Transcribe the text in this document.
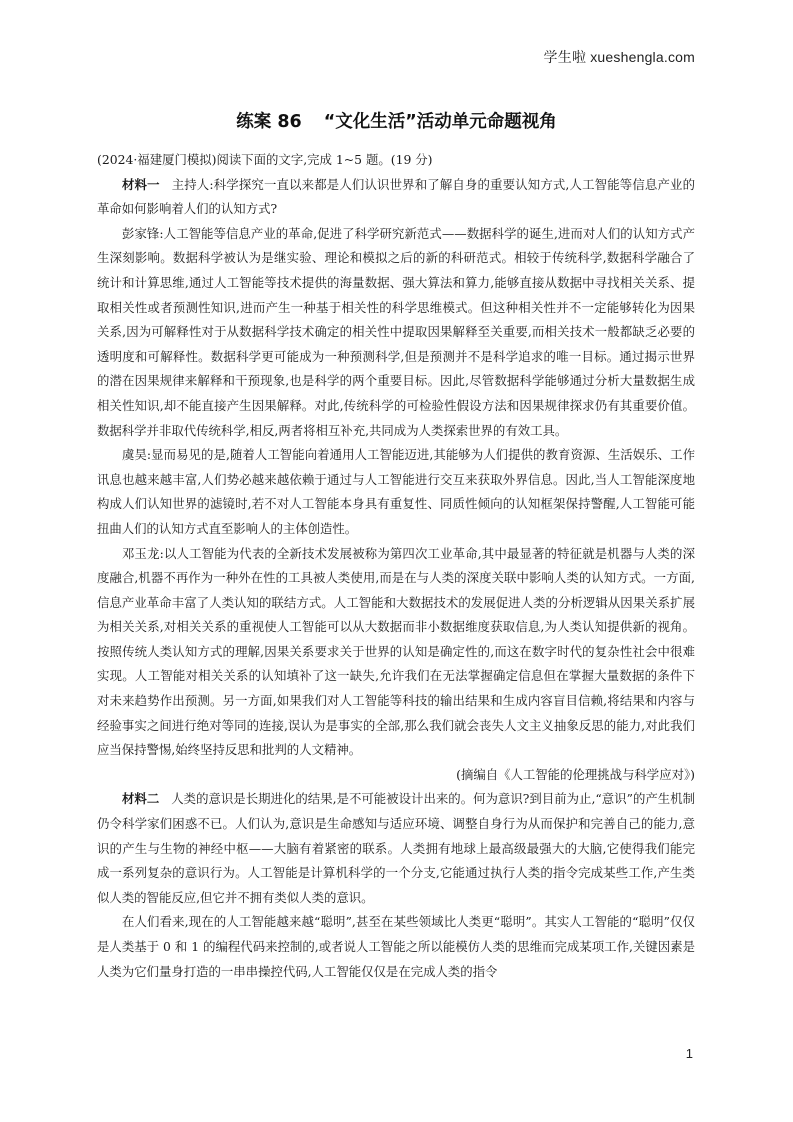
学生啦 xueshengla.com
练案 86 “文化生活”活动单元命题视角

(2024·福建厦门模拟)阅读下面的文字,完成 1~5 题。(19 分)

材料一 主持人:科学探究一直以来都是人们认识世界和了解自身的重要认知方式,人工智能等信息产业的革命如何影响着人们的认知方式?

彭家锋:人工智能等信息产业的革命,促进了科学研究新范式——数据科学的诞生,进而对人们的认知方式产生深刻影响。数据科学被认为是继实验、理论和模拟之后的新的科研范式。相较于传统科学,数据科学融合了统计和计算思维,通过人工智能等技术提供的海量数据、强大算法和算力,能够直接从数据中寻找相关关系、提取相关性或者预测性知识,进而产生一种基于相关性的科学思维模式。但这种相关性并不一定能够转化为因果关系,因为可解释性对于从数据科学技术确定的相关性中提取因果解释至关重要,而相关技术一般都缺乏必要的透明度和可解释性。数据科学更可能成为一种预测科学,但是预测并不是科学追求的唯一目标。通过揭示世界的潜在因果规律来解释和干预现象,也是科学的两个重要目标。因此,尽管数据科学能够通过分析大量数据生成相关性知识,却不能直接产生因果解释。对此,传统科学的可检验性假设方法和因果规律探求仍有其重要价值。数据科学并非取代传统科学,相反,两者将相互补充,共同成为人类探索世界的有效工具。

虞昊:显而易见的是,随着人工智能向着通用人工智能迈进,其能够为人们提供的教育资源、生活娱乐、工作讯息也越来越丰富,人们势必越来越依赖于通过与人工智能进行交互来获取外界信息。因此,当人工智能深度地构成人们认知世界的滤镜时,若不对人工智能本身具有重复性、同质性倾向的认知框架保持警醒,人工智能可能扭曲人们的认知方式直至影响人的主体创造性。

邓玉龙:以人工智能为代表的全新技术发展被称为第四次工业革命,其中最显著的特征就是机器与人类的深度融合,机器不再作为一种外在性的工具被人类使用,而是在与人类的深度关联中影响人类的认知方式。一方面,信息产业革命丰富了人类认知的联结方式。人工智能和大数据技术的发展促进人类的分析逻辑从因果关系扩展为相关关系,对相关关系的重视使人工智能可以从大数据而非小数据维度获取信息,为人类认知提供新的视角。按照传统人类认知方式的理解,因果关系要求关于世界的认知是确定性的,而这在数字时代的复杂性社会中很难实现。人工智能对相关关系的认知填补了这一缺失,允许我们在无法掌握确定信息但在掌握大量数据的条件下对未来趋势作出预测。另一方面,如果我们对人工智能等科技的输出结果和生成内容盲目信赖,将结果和内容与经验事实之间进行绝对等同的连接,误认为是事实的全部,那么我们就会丧失人文主义抽象反思的能力,对此我们应当保持警惕,始终坚持反思和批判的人文精神。

(摘编自《人工智能的伦理挑战与科学应对》)

材料二 人类的意识是长期进化的结果,是不可能被设计出来的。何为意识?到目前为止,“意识”的产生机制仍令科学家们困惑不已。人们认为,意识是生命感知与适应环境、调整自身行为从而保护和完善自己的能力,意识的产生与生物的神经中枢——大脑有着紧密的联系。人类拥有地球上最高级最强大的大脑,它使得我们能完成一系列复杂的意识行为。人工智能是计算机科学的一个分支,它能通过执行人类的指令完成某些工作,产生类似人类的智能反应,但它并不拥有类似人类的意识。

在人们看来,现在的人工智能越来越“聪明”,甚至在某些领域比人类更“聪明”。其实人工智能的“聪明”仅仅是人类基于 0 和 1 的编程代码来控制的,或者说人工智能之所以能模仿人类的思维而完成某项工作,关键因素是人类为它们量身打造的一串串操控代码,人工智能仅仅是在完成人类的指令

1
